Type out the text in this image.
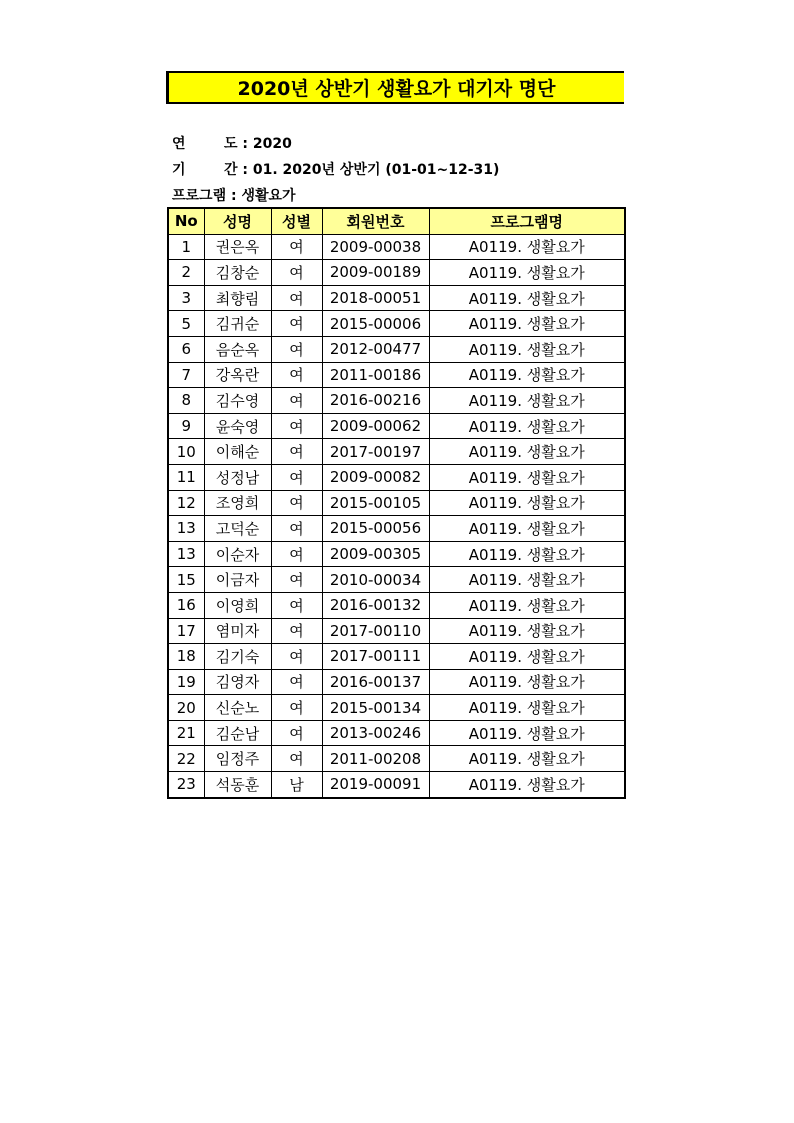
2020년 상반기 생활요가 대기자 명단
연	도 : 2020
기	간 : 01. 2020년 상반기 (01-01~12-31)
프로그램 : 생활요가
No	성명	성별	회원번호	프로그램명
1	권은옥	여	2009-00038	A0119. 생활요가
2	김창순	여	2009-00189	A0119. 생활요가
3	최향림	여	2018-00051	A0119. 생활요가
5	김귀순	여	2015-00006	A0119. 생활요가
6	음순옥	여	2012-00477	A0119. 생활요가
7	강옥란	여	2011-00186	A0119. 생활요가
8	김수영	여	2016-00216	A0119. 생활요가
9	윤숙영	여	2009-00062	A0119. 생활요가
10	이해순	여	2017-00197	A0119. 생활요가
11	성정남	여	2009-00082	A0119. 생활요가
12	조영희	여	2015-00105	A0119. 생활요가
13	고덕순	여	2015-00056	A0119. 생활요가
13	이순자	여	2009-00305	A0119. 생활요가
15	이금자	여	2010-00034	A0119. 생활요가
16	이영희	여	2016-00132	A0119. 생활요가
17	염미자	여	2017-00110	A0119. 생활요가
18	김기숙	여	2017-00111	A0119. 생활요가
19	김영자	여	2016-00137	A0119. 생활요가
20	신순노	여	2015-00134	A0119. 생활요가
21	김순남	여	2013-00246	A0119. 생활요가
22	임정주	여	2011-00208	A0119. 생활요가
23	석동훈	남	2019-00091	A0119. 생활요가
